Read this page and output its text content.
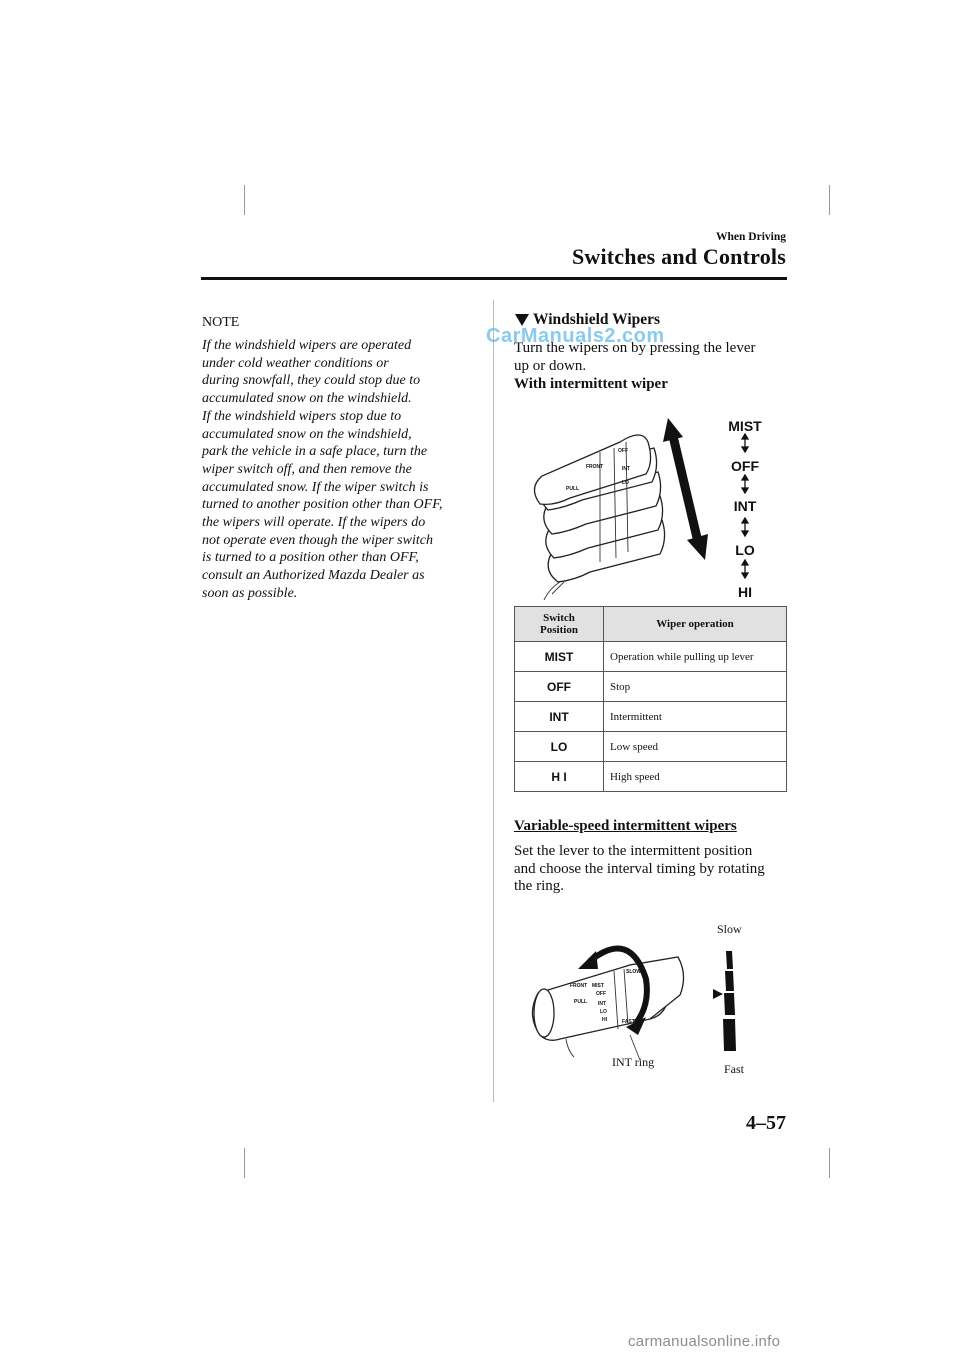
When Driving
Switches and Controls
NOTE
If the windshield wipers are operated
under cold weather conditions or
during snowfall, they could stop due to
accumulated snow on the windshield.
If the windshield wipers stop due to
accumulated snow on the windshield,
park the vehicle in a safe place, turn the
wiper switch off, and then remove the
accumulated snow. If the wiper switch is
turned to another position other than OFF,
the wipers will operate. If the wipers do
not operate even though the wiper switch
is turned to a position other than OFF,
consult an Authorized Mazda Dealer as
soon as possible.
Windshield Wipers
CarManuals2.com
Turn the wipers on by pressing the lever
up or down.
With intermittent wiper
FRONT
PULL
OFF
INT
LO
MIST
OFF
INT
LO
HI
Switch
Position	Wiper operation
MIST	Operation while pulling up lever
OFF	Stop
INT	Intermittent
LO	Low speed
H I	High speed
Variable-speed intermittent wipers
Set the lever to the intermittent position
and choose the interval timing by rotating
the ring.
FRONT
PULL
MIST
OFF
INT
LO
HI
SLOW
FAST
Slow
INT ring	Fast
4–57
carmanualsonline.info
